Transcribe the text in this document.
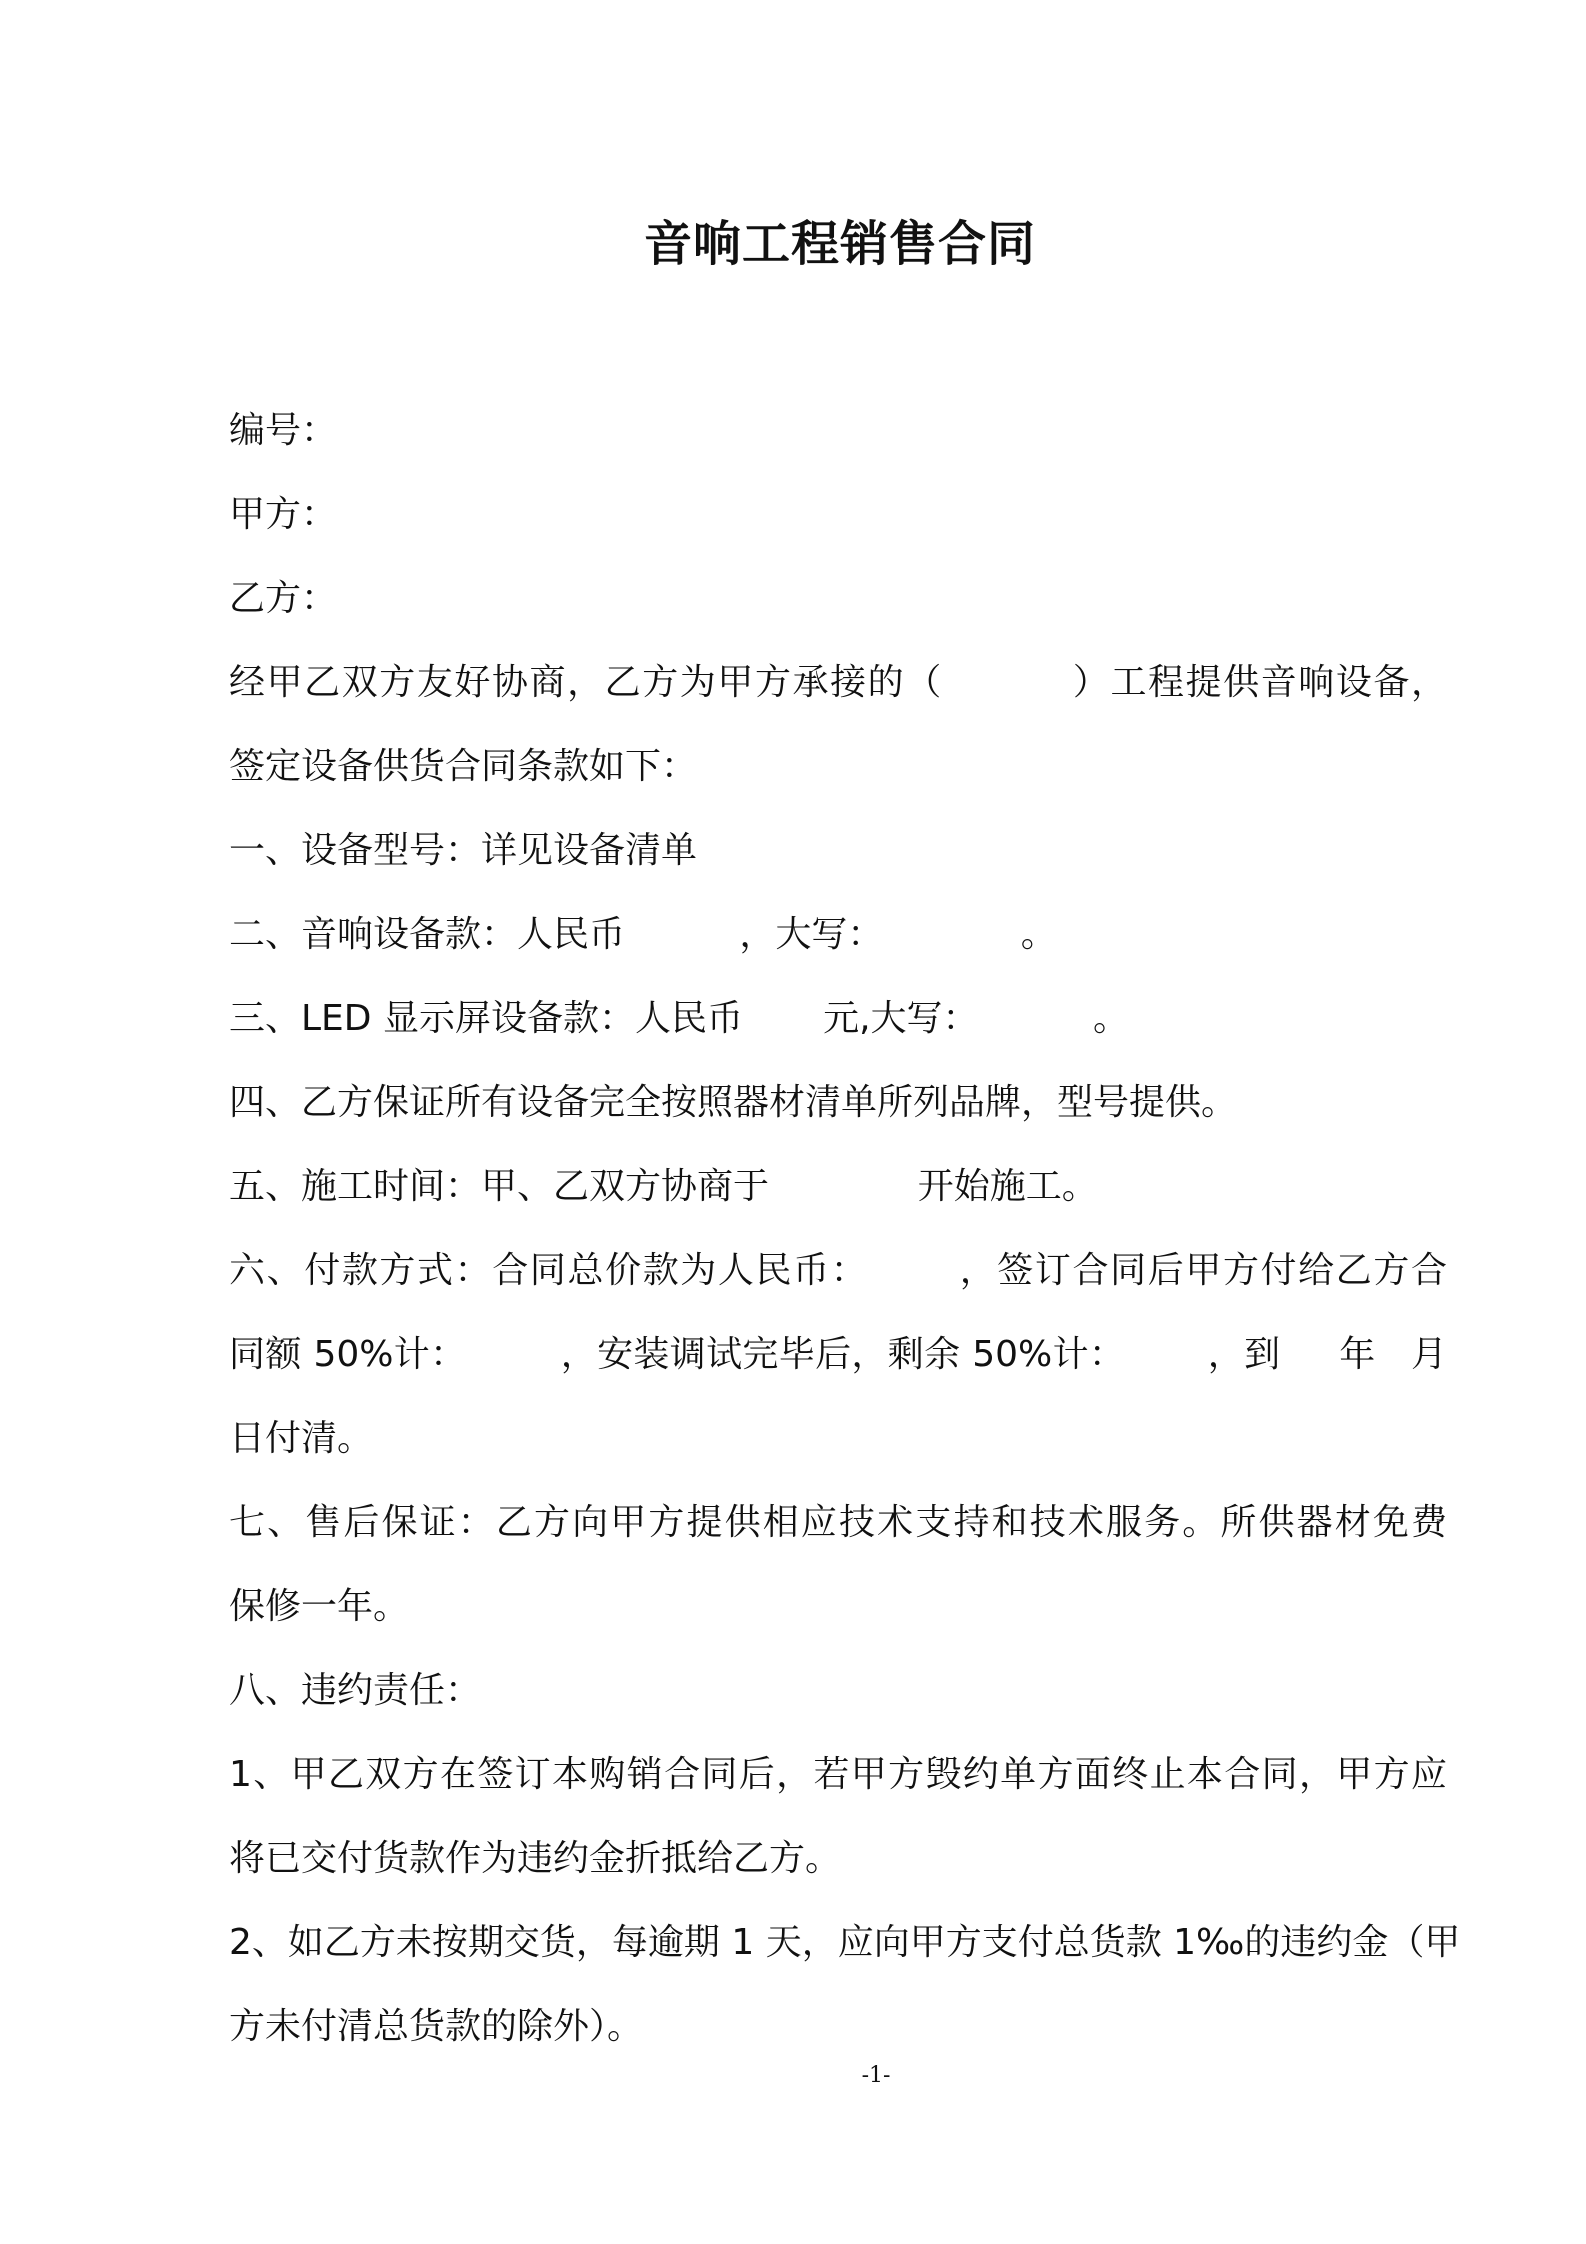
音响工程销售合同

编号：

甲方：

乙方：

经甲乙双方友好协商，乙方为甲方承接的（          ）工程提供音响设备，

签定设备供货合同条款如下：

一、设备型号：详见设备清单

二、音响设备款：人民币          ，大写：            。

三、LED 显示屏设备款：人民币       元,大写：          。

四、乙方保证所有设备完全按照器材清单所列品牌，型号提供。

五、施工时间：甲、乙双方协商于             开始施工。

六、付款方式：合同总价款为人民币：       ，签订合同后甲方付给乙方合

同额 50%计：        ，安装调试完毕后，剩余 50%计：       ，到     年   月

日付清。

七、售后保证：乙方向甲方提供相应技术支持和技术服务。所供器材免费

保修一年。

八、违约责任：

1、甲乙双方在签订本购销合同后，若甲方毁约单方面终止本合同，甲方应

将已交付货款作为违约金折抵给乙方。

2、如乙方未按期交货，每逾期 1 天，应向甲方支付总货款 1‰的违约金（甲

方未付清总货款的除外）。

-1-
